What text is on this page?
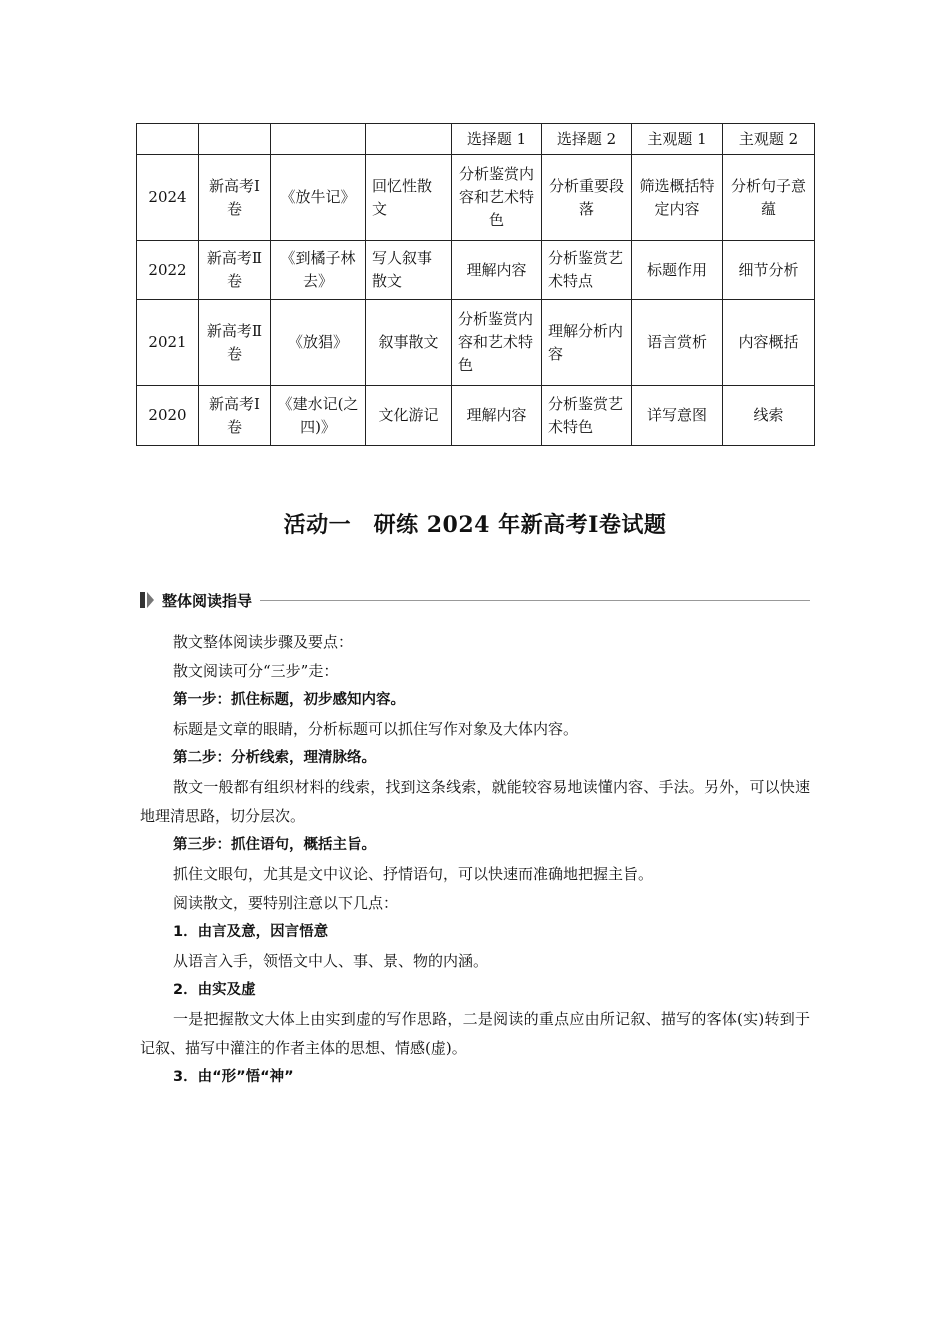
				选择题 1	选择题 2	主观题 1	主观题 2
2024	新高考Ⅰ卷	《放牛记》	回忆性散文	分析鉴赏内容和艺术特色	分析重要段落	筛选概括特定内容	分析句子意蕴
2022	新高考Ⅱ卷	《到橘子林去》	写人叙事散文	理解内容	分析鉴赏艺术特点	标题作用	细节分析
2021	新高考Ⅱ卷	《放猖》	叙事散文	分析鉴赏内容和艺术特色	理解分析内容	语言赏析	内容概括
2020	新高考Ⅰ卷	《建水记(之四)》	文化游记	理解内容	分析鉴赏艺术特色	详写意图	线索
活动一　研练 2024 年新高考Ⅰ卷试题
整体阅读指导

散文整体阅读步骤及要点：

散文阅读可分“三步”走：

第一步：抓住标题，初步感知内容。

标题是文章的眼睛，分析标题可以抓住写作对象及大体内容。

第二步：分析线索，理清脉络。

散文一般都有组织材料的线索，找到这条线索，就能较容易地读懂内容、手法。另外，可以快速地理清思路，切分层次。

第三步：抓住语句，概括主旨。

抓住文眼句，尤其是文中议论、抒情语句，可以快速而准确地把握主旨。

阅读散文，要特别注意以下几点：

1．由言及意，因言悟意

从语言入手，领悟文中人、事、景、物的内涵。

2．由实及虚

一是把握散文大体上由实到虚的写作思路，二是阅读的重点应由所记叙、描写的客体(实)转到于记叙、描写中灌注的作者主体的思想、情感(虚)。

3．由“形”悟“神”
